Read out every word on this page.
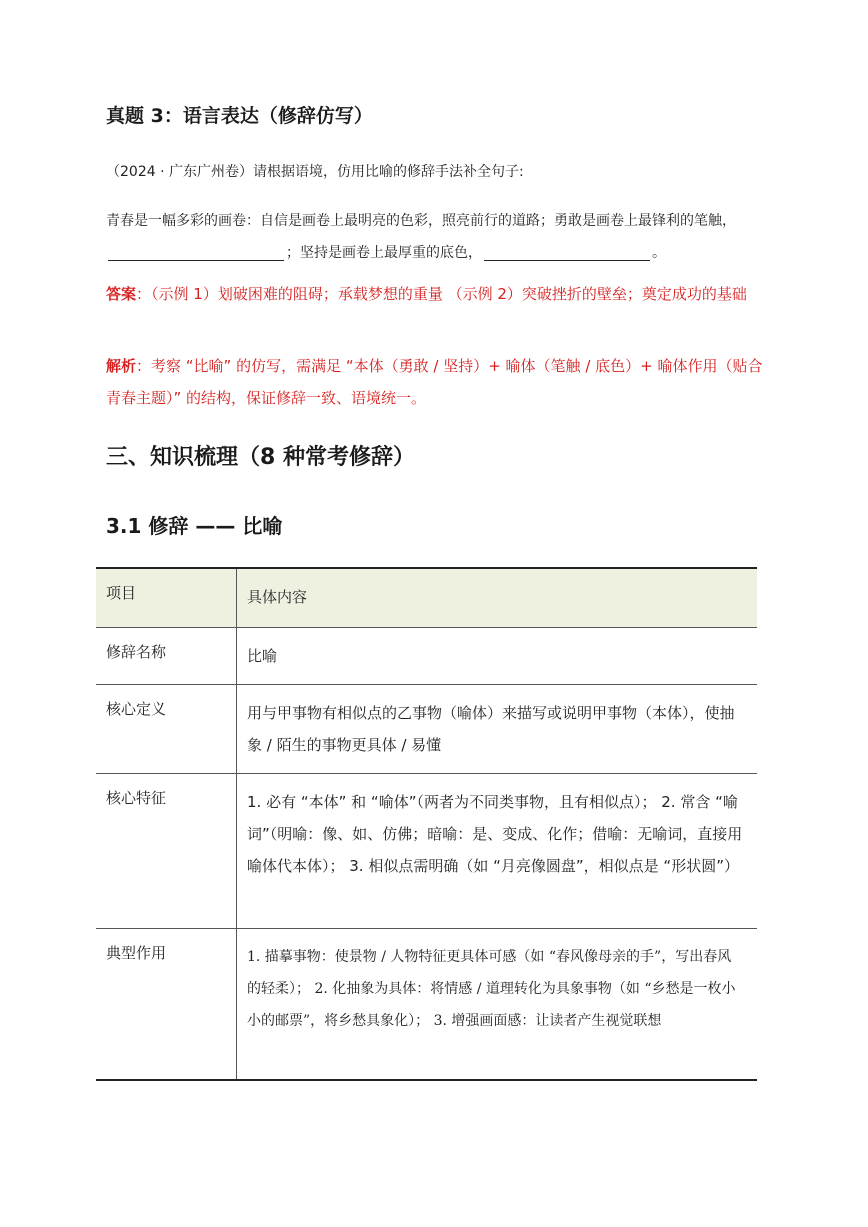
真题 3：语言表达（修辞仿写）
（2024 · 广东广州卷）请根据语境，仿用比喻的修辞手法补全句子:
青春是一幅多彩的画卷：自信是画卷上最明亮的色彩，照亮前行的道路；勇敢是画卷上最锋利的笔触，；坚持是画卷上最厚重的底色，	。
答案：（示例 1）划破困难的阻碍；承载梦想的重量 （示例 2）突破挫折的壁垒；奠定成功的基础
解析：考察 “比喻” 的仿写，需满足 “本体（勇敢 / 坚持）+ 喻体（笔触 / 底色）+ 喻体作用（贴合青春主题）” 的结构，保证修辞一致、语境统一。
三、知识梳理（8 种常考修辞）
3.1 修辞 —— 比喻
项目	具体内容
修辞名称	比喻
核心定义	用与甲事物有相似点的乙事物（喻体）来描写或说明甲事物（本体），使抽象 / 陌生的事物更具体 / 易懂
核心特征	1. 必有 “本体” 和 “喻体”（两者为不同类事物，且有相似点）； 2. 常含 “喻词”（明喻：像、如、仿佛；暗喻：是、变成、化作；借喻：无喻词，直接用喻体代本体）； 3. 相似点需明确（如 “月亮像圆盘”，相似点是 “形状圆”）
典型作用	1. 描摹事物：使景物 / 人物特征更具体可感（如 “春风像母亲的手”，写出春风的轻柔）； 2. 化抽象为具体：将情感 / 道理转化为具象事物（如 “乡愁是一枚小小的邮票”，将乡愁具象化）； 3. 增强画面感：让读者产生视觉联想
